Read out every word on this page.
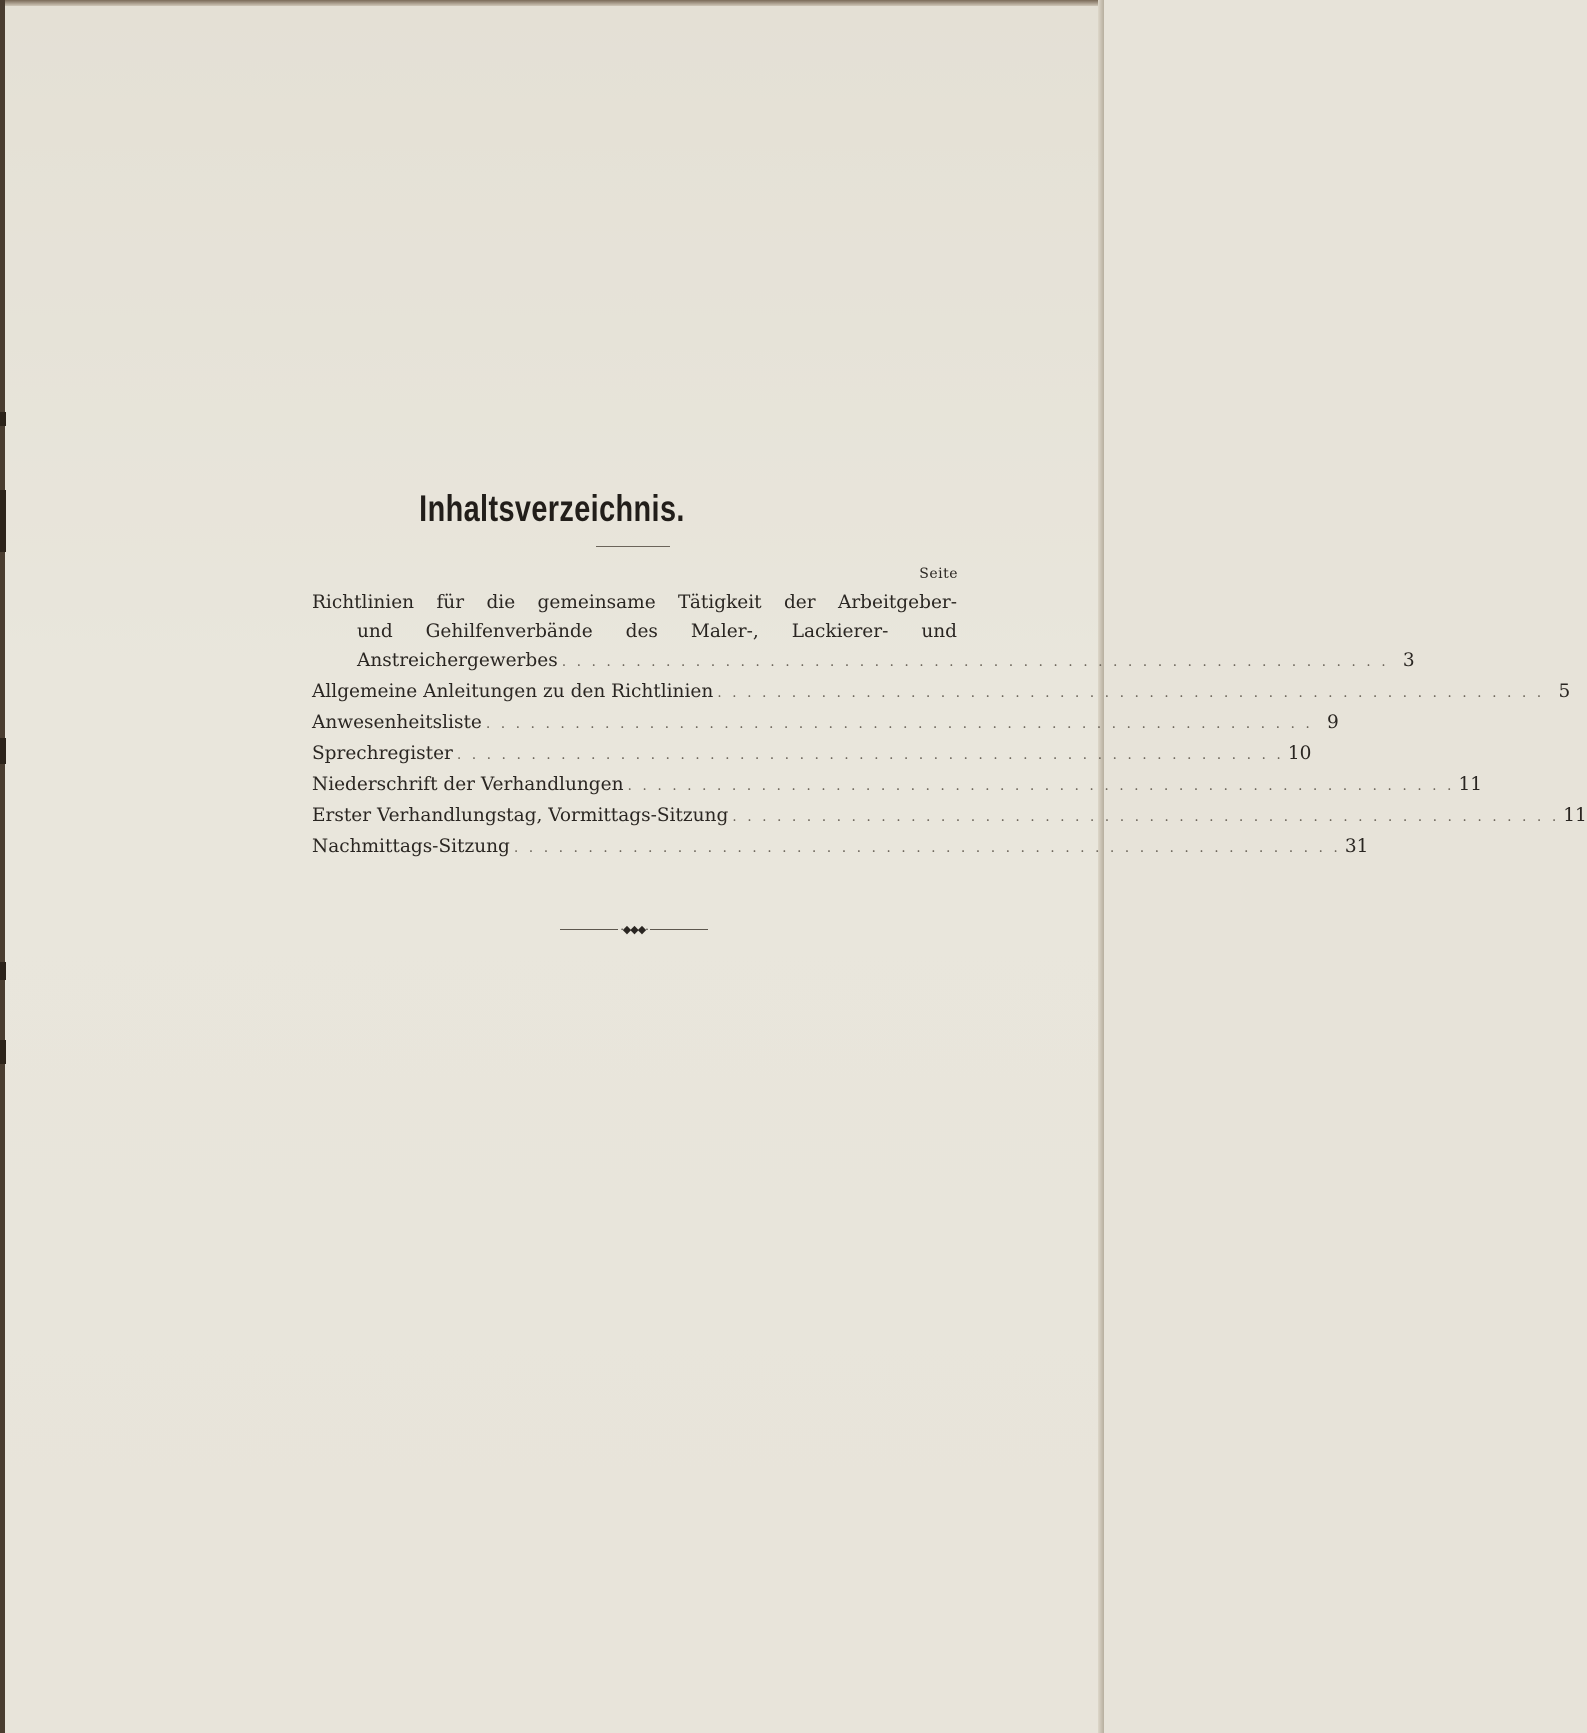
Inhaltsverzeichnis.
Seite
Richtlinien für die gemeinsame Tätigkeit der Arbeitgeber-
und Gehilfenverbände des Maler-, Lackierer- und
Anstreichergewerbes . . . . . . . . . . . . . . . . . . . . . . . . . . . . . . . . . . . . . . . . . . . . . . . . . . . . . . . . 3
Allgemeine Anleitungen zu den Richtlinien . . . . . . . . . . . . . . . . . . . . . . . . . . . . . . . . . . . . . . . . . . . . . . . . . . . . . . . . 5
Anwesenheitsliste . . . . . . . . . . . . . . . . . . . . . . . . . . . . . . . . . . . . . . . . . . . . . . . . . . . . . . . . 9
Sprechregister . . . . . . . . . . . . . . . . . . . . . . . . . . . . . . . . . . . . . . . . . . . . . . . . . . . . . . . . 10
Niederschrift der Verhandlungen . . . . . . . . . . . . . . . . . . . . . . . . . . . . . . . . . . . . . . . . . . . . . . . . . . . . . . . . 11
Erster Verhandlungstag, Vormittags-Sitzung . . . . . . . . . . . . . . . . . . . . . . . . . . . . . . . . . . . . . . . . . . . . . . . . . . . . . . . . 11
Nachmittags-Sitzung . . . . . . . . . . . . . . . . . . . . . . . . . . . . . . . . . . . . . . . . . . . . . . . . . . . . . . . . 31
·◆◆◆·
